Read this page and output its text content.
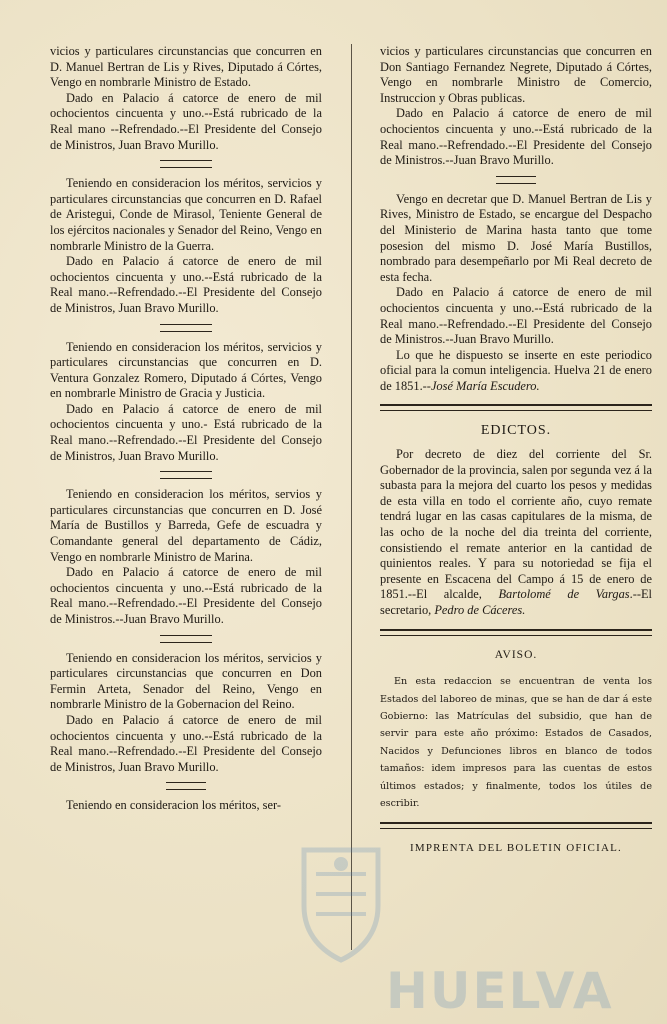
vicios y particulares circunstancias que concurren en D. Manuel Bertran de Lis y Rives, Diputado á Córtes, Vengo en nombrarle Ministro de Estado.

Dado en Palacio á catorce de enero de mil ochocientos cincuenta y uno.--Está rubricado de la Real mano --Refrendado.--El Presidente del Consejo de Ministros, Juan Bravo Murillo.

Teniendo en consideracion los méritos, servicios y particulares circunstancias que concurren en D. Rafael de Aristegui, Conde de Mirasol, Teniente General de los ejércitos nacionales y Senador del Reino, Vengo en nombrarle Ministro de la Guerra.

Dado en Palacio á catorce de enero de mil ochocientos cincuenta y uno.--Está rubricado de la Real mano.--Refrendado.--El Presidente del Consejo de Ministros, Juan Bravo Murillo.

Teniendo en consideracion los méritos, servicios y particulares circunstancias que concurren en D. Ventura Gonzalez Romero, Diputado á Córtes, Vengo en nombrarle Ministro de Gracia y Justicia.

Dado en Palacio á catorce de enero de mil ochocientos cincuenta y uno.- Está rubricado de la Real mano.--Refrendado.--El Presidente del Consejo de Ministros, Juan Bravo Murillo.

Teniendo en consideracion los méritos, servios y particulares circunstancias que concurren en D. José María de Bustillos y Barreda, Gefe de escuadra y Comandante general del departamento de Cádiz, Vengo en nombrarle Ministro de Marina.

Dado en Palacio á catorce de enero de mil ochocientos cincuenta y uno.--Está rubricado de la Real mano.--Refrendado.--El Presidente del Consejo de Ministros.--Juan Bravo Murillo.

Teniendo en consideracion los méritos, servicios y particulares circunstancias que concurren en Don Fermin Arteta, Senador del Reino, Vengo en nombrarle Ministro de la Gobernacion del Reino.

Dado en Palacio á catorce de enero de mil ochocientos cincuenta y uno.--Está rubricado de la Real mano.--Refrendado.--El Presidente del Consejo de Ministros, Juan Bravo Murillo.

Teniendo en consideracion los méritos, ser-

vicios y particulares circunstancias que concurren en Don Santiago Fernandez Negrete, Diputado á Córtes, Vengo en nombrarle Ministro de Comercio, Instruccion y Obras publicas.

Dado en Palacio á catorce de enero de mil ochocientos cincuenta y uno.--Está rubricado de la Real mano.--Refrendado.--El Presidente del Consejo de Ministros.--Juan Bravo Murillo.

Vengo en decretar que D. Manuel Bertran de Lis y Rives, Ministro de Estado, se encargue del Despacho del Ministerio de Marina hasta tanto que tome posesion del mismo D. José María Bustillos, nombrado para desempeñarlo por Mi Real decreto de esta fecha.

Dado en Palacio á catorce de enero de mil ochocientos cincuenta y uno.--Está rubricado de la Real mano.--Refrendado.--El Presidente del Consejo de Ministros.--Juan Bravo Murillo.

Lo que he dispuesto se inserte en este periodico oficial para la comun inteligencia. Huelva 21 de enero de 1851.--José María Escudero.

EDICTOS.

Por decreto de diez del corriente del Sr. Gobernador de la provincia, salen por segunda vez á la subasta para la mejora del cuarto los pesos y medidas de esta villa en todo el corriente año, cuyo remate tendrá lugar en las casas capitulares de la misma, de las ocho de la noche del dia treinta del corriente, consistiendo el remate anterior en la cantidad de quinientos reales. Y para su notoriedad se fija el presente en Escacena del Campo á 15 de enero de 1851.--El alcalde, Bartolomé de Vargas.--El secretario, Pedro de Cáceres.

AVISO.

En esta redaccion se encuentran de venta los Estados del laboreo de minas, que se han de dar á este Gobierno: las Matrículas del subsidio, que han de servir para este año próximo: Estados de Casados, Nacidos y Defunciones libros en blanco de todos tamaños: idem impresos para las cuentas de estos últimos estados; y finalmente, todos los útiles de escribir.

IMPRENTA DEL BOLETIN OFICIAL.
HUELVA
